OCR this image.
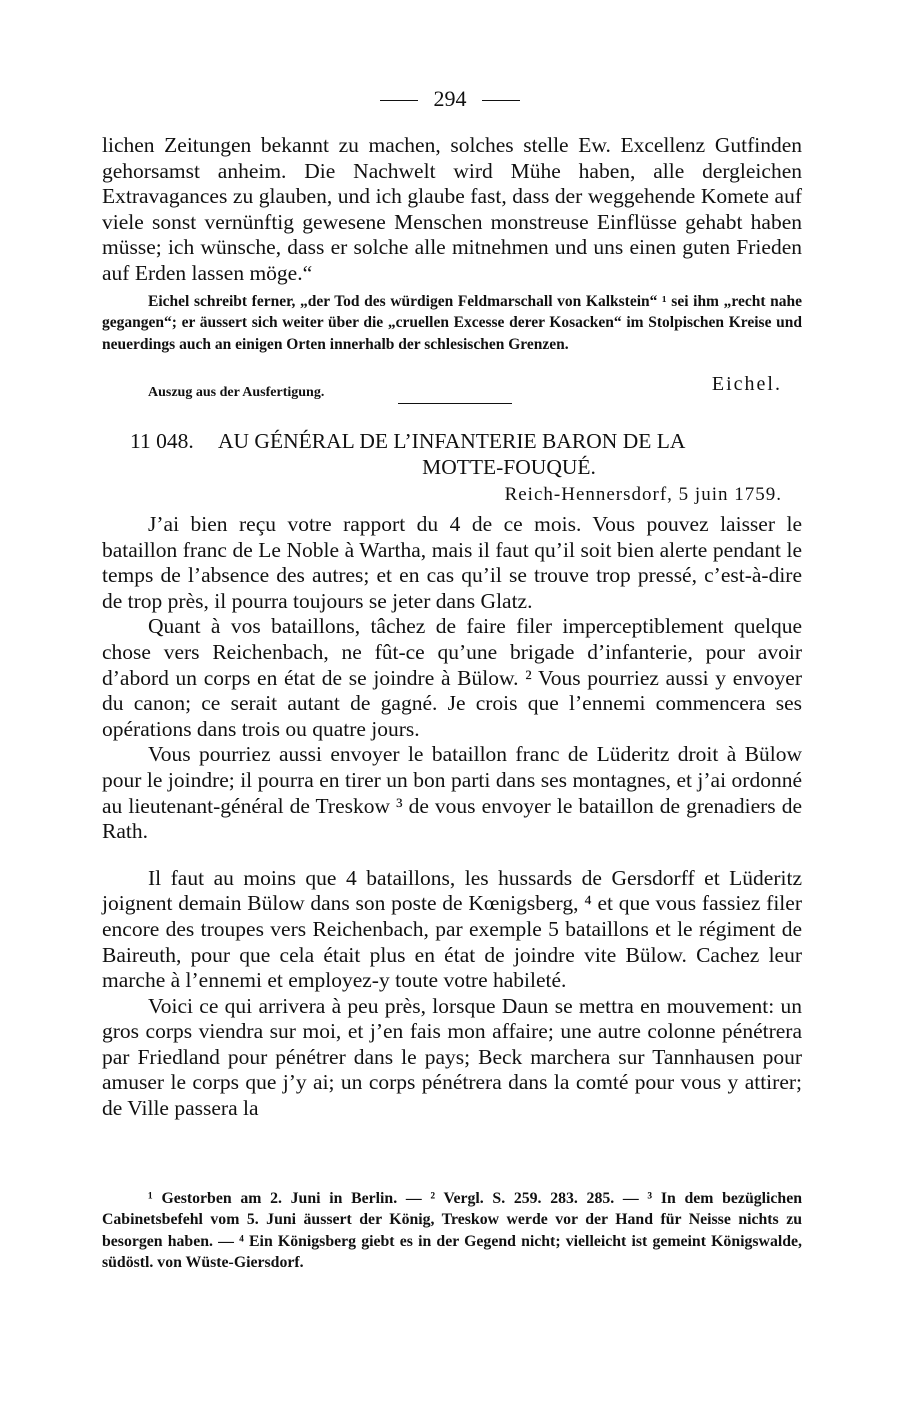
294
lichen Zeitungen bekannt zu machen, solches stelle Ew. Excellenz Gutfinden gehorsamst anheim. Die Nachwelt wird Mühe haben, alle dergleichen Extravagances zu glauben, und ich glaube fast, dass der weggehende Komete auf viele sonst vernünftig gewesene Menschen monstreuse Einflüsse gehabt haben müsse; ich wünsche, dass er solche alle mitnehmen und uns einen guten Frieden auf Erden lassen möge.“
Eichel schreibt ferner, „der Tod des würdigen Feldmarschall von Kalkstein“ ¹ sei ihm „recht nahe gegangen“; er äussert sich weiter über die „cruellen Excesse derer Kosacken“ im Stolpischen Kreise und neuerdings auch an einigen Orten innerhalb der schlesischen Grenzen.
Auszug aus der Ausfertigung.	Eichel.
11 048. AU GÉNÉRAL DE L’INFANTERIE BARON DE LA
MOTTE-FOUQUÉ.
Reich-Hennersdorf, 5 juin 1759.

J’ai bien reçu votre rapport du 4 de ce mois. Vous pouvez laisser le bataillon franc de Le Noble à Wartha, mais il faut qu’il soit bien alerte pendant le temps de l’absence des autres; et en cas qu’il se trouve trop pressé, c’est-à-dire de trop près, il pourra toujours se jeter dans Glatz.

Quant à vos bataillons, tâchez de faire filer imperceptiblement quelque chose vers Reichenbach, ne fût-ce qu’une brigade d’infanterie, pour avoir d’abord un corps en état de se joindre à Bülow. ² Vous pourriez aussi y envoyer du canon; ce serait autant de gagné. Je crois que l’ennemi commencera ses opérations dans trois ou quatre jours.

Vous pourriez aussi envoyer le bataillon franc de Lüderitz droit à Bülow pour le joindre; il pourra en tirer un bon parti dans ses montagnes, et j’ai ordonné au lieutenant-général de Treskow ³ de vous envoyer le bataillon de grenadiers de Rath.

Il faut au moins que 4 bataillons, les hussards de Gersdorff et Lüderitz joignent demain Bülow dans son poste de Kœnigsberg, ⁴ et que vous fassiez filer encore des troupes vers Reichenbach, par exemple 5 bataillons et le régiment de Baireuth, pour que cela était plus en état de joindre vite Bülow. Cachez leur marche à l’ennemi et employez-y toute votre habileté.

Voici ce qui arrivera à peu près, lorsque Daun se mettra en mouvement: un gros corps viendra sur moi, et j’en fais mon affaire; une autre colonne pénétrera par Friedland pour pénétrer dans le pays; Beck marchera sur Tannhausen pour amuser le corps que j’y ai; un corps pénétrera dans la comté pour vous y attirer; de Ville passera la

¹ Gestorben am 2. Juni in Berlin. — ² Vergl. S. 259. 283. 285. — ³ In dem bezüglichen Cabinetsbefehl vom 5. Juni äussert der König, Treskow werde vor der Hand für Neisse nichts zu besorgen haben. — ⁴ Ein Königsberg giebt es in der Gegend nicht; vielleicht ist gemeint Königswalde, südöstl. von Wüste-Giersdorf.
